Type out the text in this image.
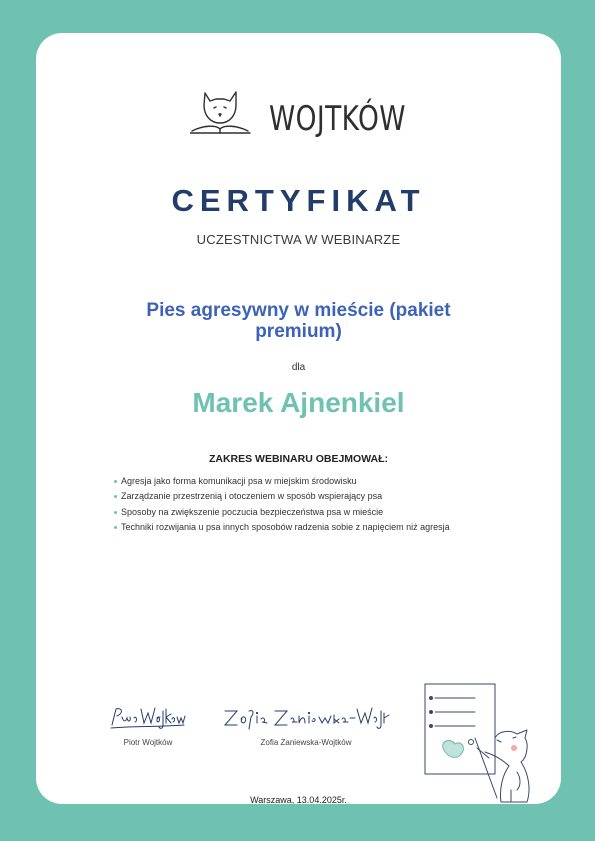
WOJTKÓW
CERTYFIKAT
UCZESTNICTWA W WEBINARZE
Pies agresywny w mieście (pakiet premium)
dla
Marek Ajnenkiel
ZAKRES WEBINARU OBEJMOWAŁ:
Agresja jako forma komunikacji psa w miejskim środowisku
Zarządzanie przestrzenią i otoczeniem w sposób wspierający psa
Sposoby na zwiększenie poczucia bezpieczeństwa psa w mieście
Techniki rozwijania u psa innych sposobów radzenia sobie z napięciem niż agresja
Piotr Wojtków	Zofia Zaniewska-Wojtków
Warszawa, 13.04.2025r.
